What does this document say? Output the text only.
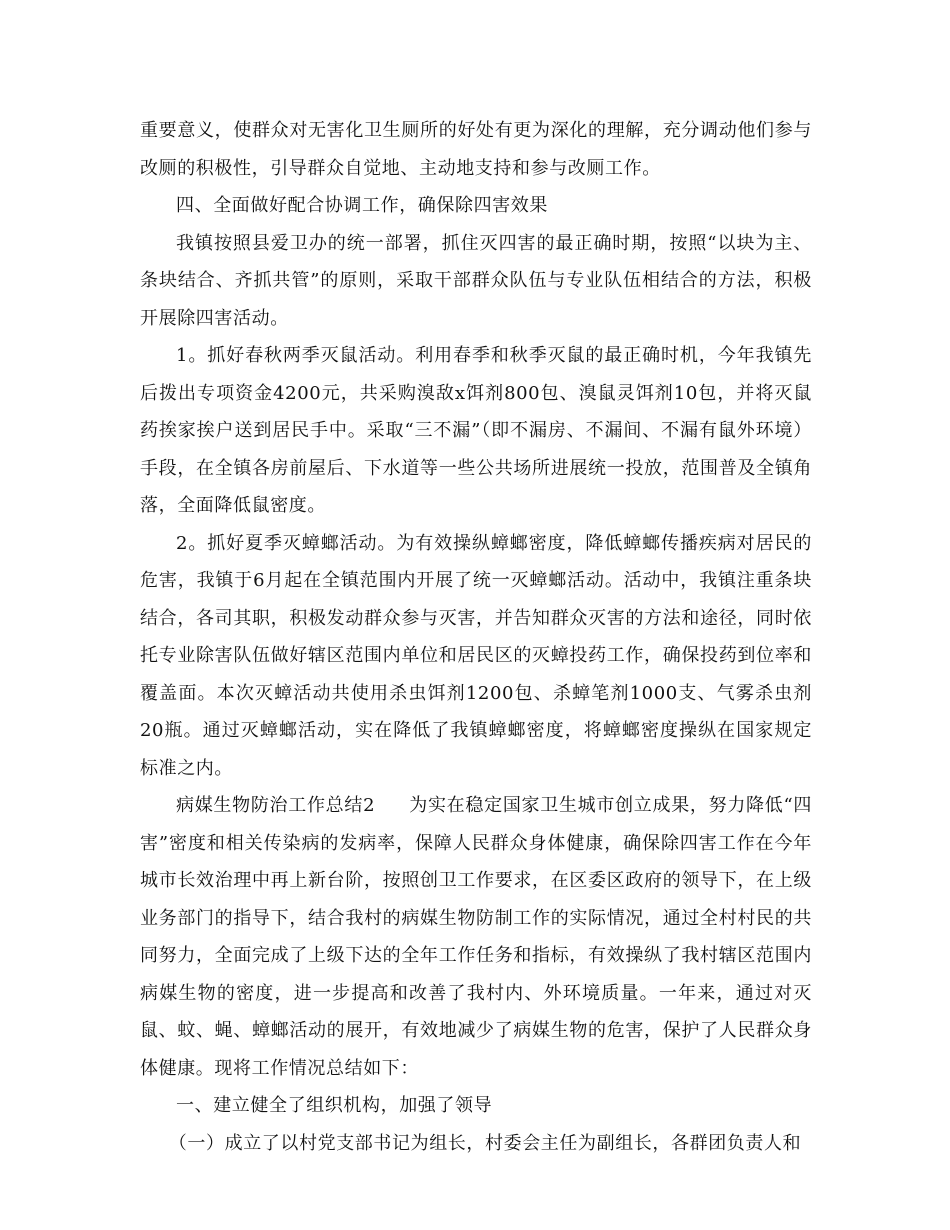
重要意义，使群众对无害化卫生厕所的好处有更为深化的理解，充分调动他们参与改厕的积极性，引导群众自觉地、主动地支持和参与改厕工作。

四、全面做好配合协调工作，确保除四害效果

我镇按照县爱卫办的统一部署，抓住灭四害的最正确时期，按照“以块为主、条块结合、齐抓共管”的原则，采取干部群众队伍与专业队伍相结合的方法，积极开展除四害活动。

1。抓好春秋两季灭鼠活动。利用春季和秋季灭鼠的最正确时机，今年我镇先后拨出专项资金4200元，共采购溴敌x饵剂800包、溴鼠灵饵剂10包，并将灭鼠药挨家挨户送到居民手中。采取“三不漏”（即不漏房、不漏间、不漏有鼠外环境）手段，在全镇各房前屋后、下水道等一些公共场所进展统一投放，范围普及全镇角落，全面降低鼠密度。

2。抓好夏季灭蟑螂活动。为有效操纵蟑螂密度，降低蟑螂传播疾病对居民的危害，我镇于6月起在全镇范围内开展了统一灭蟑螂活动。活动中，我镇注重条块结合，各司其职，积极发动群众参与灭害，并告知群众灭害的方法和途径，同时依托专业除害队伍做好辖区范围内单位和居民区的灭蟑投药工作，确保投药到位率和覆盖面。本次灭蟑活动共使用杀虫饵剂1200包、杀蟑笔剂1000支、气雾杀虫剂20瓶。通过灭蟑螂活动，实在降低了我镇蟑螂密度，将蟑螂密度操纵在国家规定标准之内。

病媒生物防治工作总结2 为实在稳定国家卫生城市创立成果，努力降低“四害”密度和相关传染病的发病率，保障人民群众身体健康，确保除四害工作在今年城市长效治理中再上新台阶，按照创卫工作要求，在区委区政府的领导下，在上级业务部门的指导下，结合我村的病媒生物防制工作的实际情况，通过全村村民的共同努力，全面完成了上级下达的全年工作任务和指标，有效操纵了我村辖区范围内病媒生物的密度，进一步提高和改善了我村内、外环境质量。一年来，通过对灭鼠、蚊、蝇、蟑螂活动的展开，有效地减少了病媒生物的危害，保护了人民群众身体健康。现将工作情况总结如下：

一、建立健全了组织机构，加强了领导

（一）成立了以村党支部书记为组长，村委会主任为副组长，各群团负责人和
